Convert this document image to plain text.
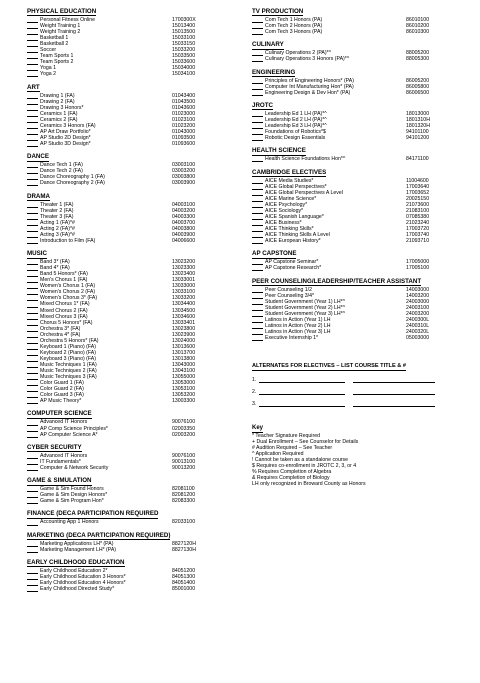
PHYSICAL EDUCATION
Personal Fitness Online	1700300X
Weight Training 1	15013400
Weight Training 2	15013500
Basketball 1	15033100
Basketball 2	15033150
Soccer	15033200
Team Sports 1	15033500
Team Sports 2	15033600
Yoga 1	15034000
Yoga 2	15034100
ART
Drawing 1 (FA)	01043400
Drawing 2 (FA)	01043500
Drawing 3 Honors*	01043600
Ceramics 1 (FA)	01023000
Ceramics 2 (FA)	01023100
Ceramics 3 Honors (FA)	01023200
AP Art Draw Portfolio*	01043000
AP Studio 2D Design*	01093500
AP Studio 3D Design*	01093600
DANCE
Dance Tech 1 (FA)	03003100
Dance Tech 2 (FA)	03003200
Dance Choreography 1 (FA)	03003800
Dance Choreography 2 (FA)	03003900
DRAMA
Theater 1 (FA)	04003100
Theater 2 (FA)	04003200
Theater 3 (FA)	04003300
Acting 1 (FA)*#	04003700
Acting 2 (FA)*#	04003800
Acting 3 (FA)*#	04003900
Introduction to Film (FA)	04006600
MUSIC
Band 3* (FA)	13023200
Band 4* (FA)	13023300
Band 5 Honors* (FA)	13023400
Men's Chorus 1 (FA)	13033001
Women's Chorus 1 (FA)	13033000
Women's Chorus 2 (FA)	13033100
Women's Chorus 3* (FA)	13033200
Mixed Chorus 1* (FA)	13034400
Mixed Chorus 2 (FA)	13034500
Mixed Chorus 3 (FA)	13034600
Chorus 5 Honors* (FA)	13033401
Orchestra 3* (FA)	13023800
Orchestra 4* (FA)	13023900
Orchestra 5 Honors* (FA)	13024000
Keyboard 1 (Piano) (FA)	13013600
Keyboard 2 (Piano) (FA)	13013700
Keyboard 3 (Piano) (FA)	13013800
Music Techniques 1 (FA)	13043000
Music Techniques 2 (FA)	13043100
Music Techniques 3 (FA)	13055000
Color Guard 1 (FA)	13053000
Color Guard 2 (FA)	13053100
Color Guard 3 (FA)	13053200
AP Music Theory*	13003300
COMPUTER SCIENCE
Advanced IT Honors	90076100
AP Comp Science Principles*	02003350
AP Computer Science A*	02003200
CYBER SECURITY
Advanced IT Honors	90076100
IT Fundamentals*	90013100
Computer & Network Security	90013200
GAME & SIMULATION
Game & Sim Found Honors	82081100
Game & Sim Design Honors*	82081200
Game & Sim Program Hon*	82083300
FINANCE (DECA PARTICIPATION REQUIRED
Accounting App 1 Honors	82033100
MARKETING (DECA PARTICIPATION REQUIRED)
Marketing Applications LH* (PA)	8827120H
Marketing Management LH* (PA)	8827130H
EARLY CHILDHOOD EDUCATION
Early Childhood Education 2*	84051200
Early Childhood Education 3 Honors*	84051300
Early Childhood Education 4 Honors*	84051400
Early Childhood Directed Study*	85001000
TV PRODUCTION
Com Tech 1 Honors (PA)	86010100
Com Tech 2 Honors (PA)	86010200
Com Tech 3 Honors (PA)	86010300
CULINARY
Culinary Operations 2 (PA)*^	88005200
Culinary Operations 3 Honors (PA)*^	88005300
ENGINEERING
Principles of Engineering Honors* (PA)	86005200
Computer Int Manufacturing Hon* (PA)	86005800
Engineering Design & Dev Hon* (PA)	86006500
JROTC
Leadership Ed 1 LH (PA)*^	18013000
Leadership Ed 2 LH (PA)*^	1801310H
Leadership Ed 3 LH (PA)*^	1801320H
Foundations of Robotics*$	94101100
Robotic Design Essentials	94101200
HEALTH SCIENCE
Health Science Foundations Hon*^	84171100
CAMBRIDGE ELECTIVES
AICE Media Studies*	11004600
AICE Global Perspectives*	17003640
AICE Global Perspectives A Level	17003652
AICE Marine Science*	20025150
AICE Psychology*	21073600
AICE Sociology*	21083100
AICE Spanish Language*	07085380
AICE Business*	21023240
AICE Thinking Skills*	17003720
AICE Thinking Skills A Level	17003740
AICE European History*	21093710
AP CAPSTONE
AP Capstone Seminar*	17005000
AP Capstone Research*	17005100
PEER COUNSELING/LEADERSHIP/TEACHER ASSISTANT
Peer Counseling 1/2	14003000
Peer Counseling 3/4*	14003200
Student Government (Year 1) LH*^	24003000
Student Government (Year 2) LH*^	24003100
Student Government (Year 3) LH*^	24003200
Latinos in Action (Year 1) LH	2400300L
Latinos in Action (Year 2) LH	2400310L
Latinos in Action (Year 3) LH	2400320L
Executive Internship 1*	05003000
ALTERNATES FOR ELECTIVES – LIST COURSE TITLE & #
1.
2.
3.
Key
* Teacher Signature Required
+ Dual Enrollment – See Counselor for Details
# Audition Required – See Teacher
^ Application Required
! Cannot be taken as a standalone course
$ Requires co-enrollment in JROTC 2, 3, or 4
% Requires Completion of Algebra
& Requires Completion of Biology
LH only recognized in Broward County as Honors
